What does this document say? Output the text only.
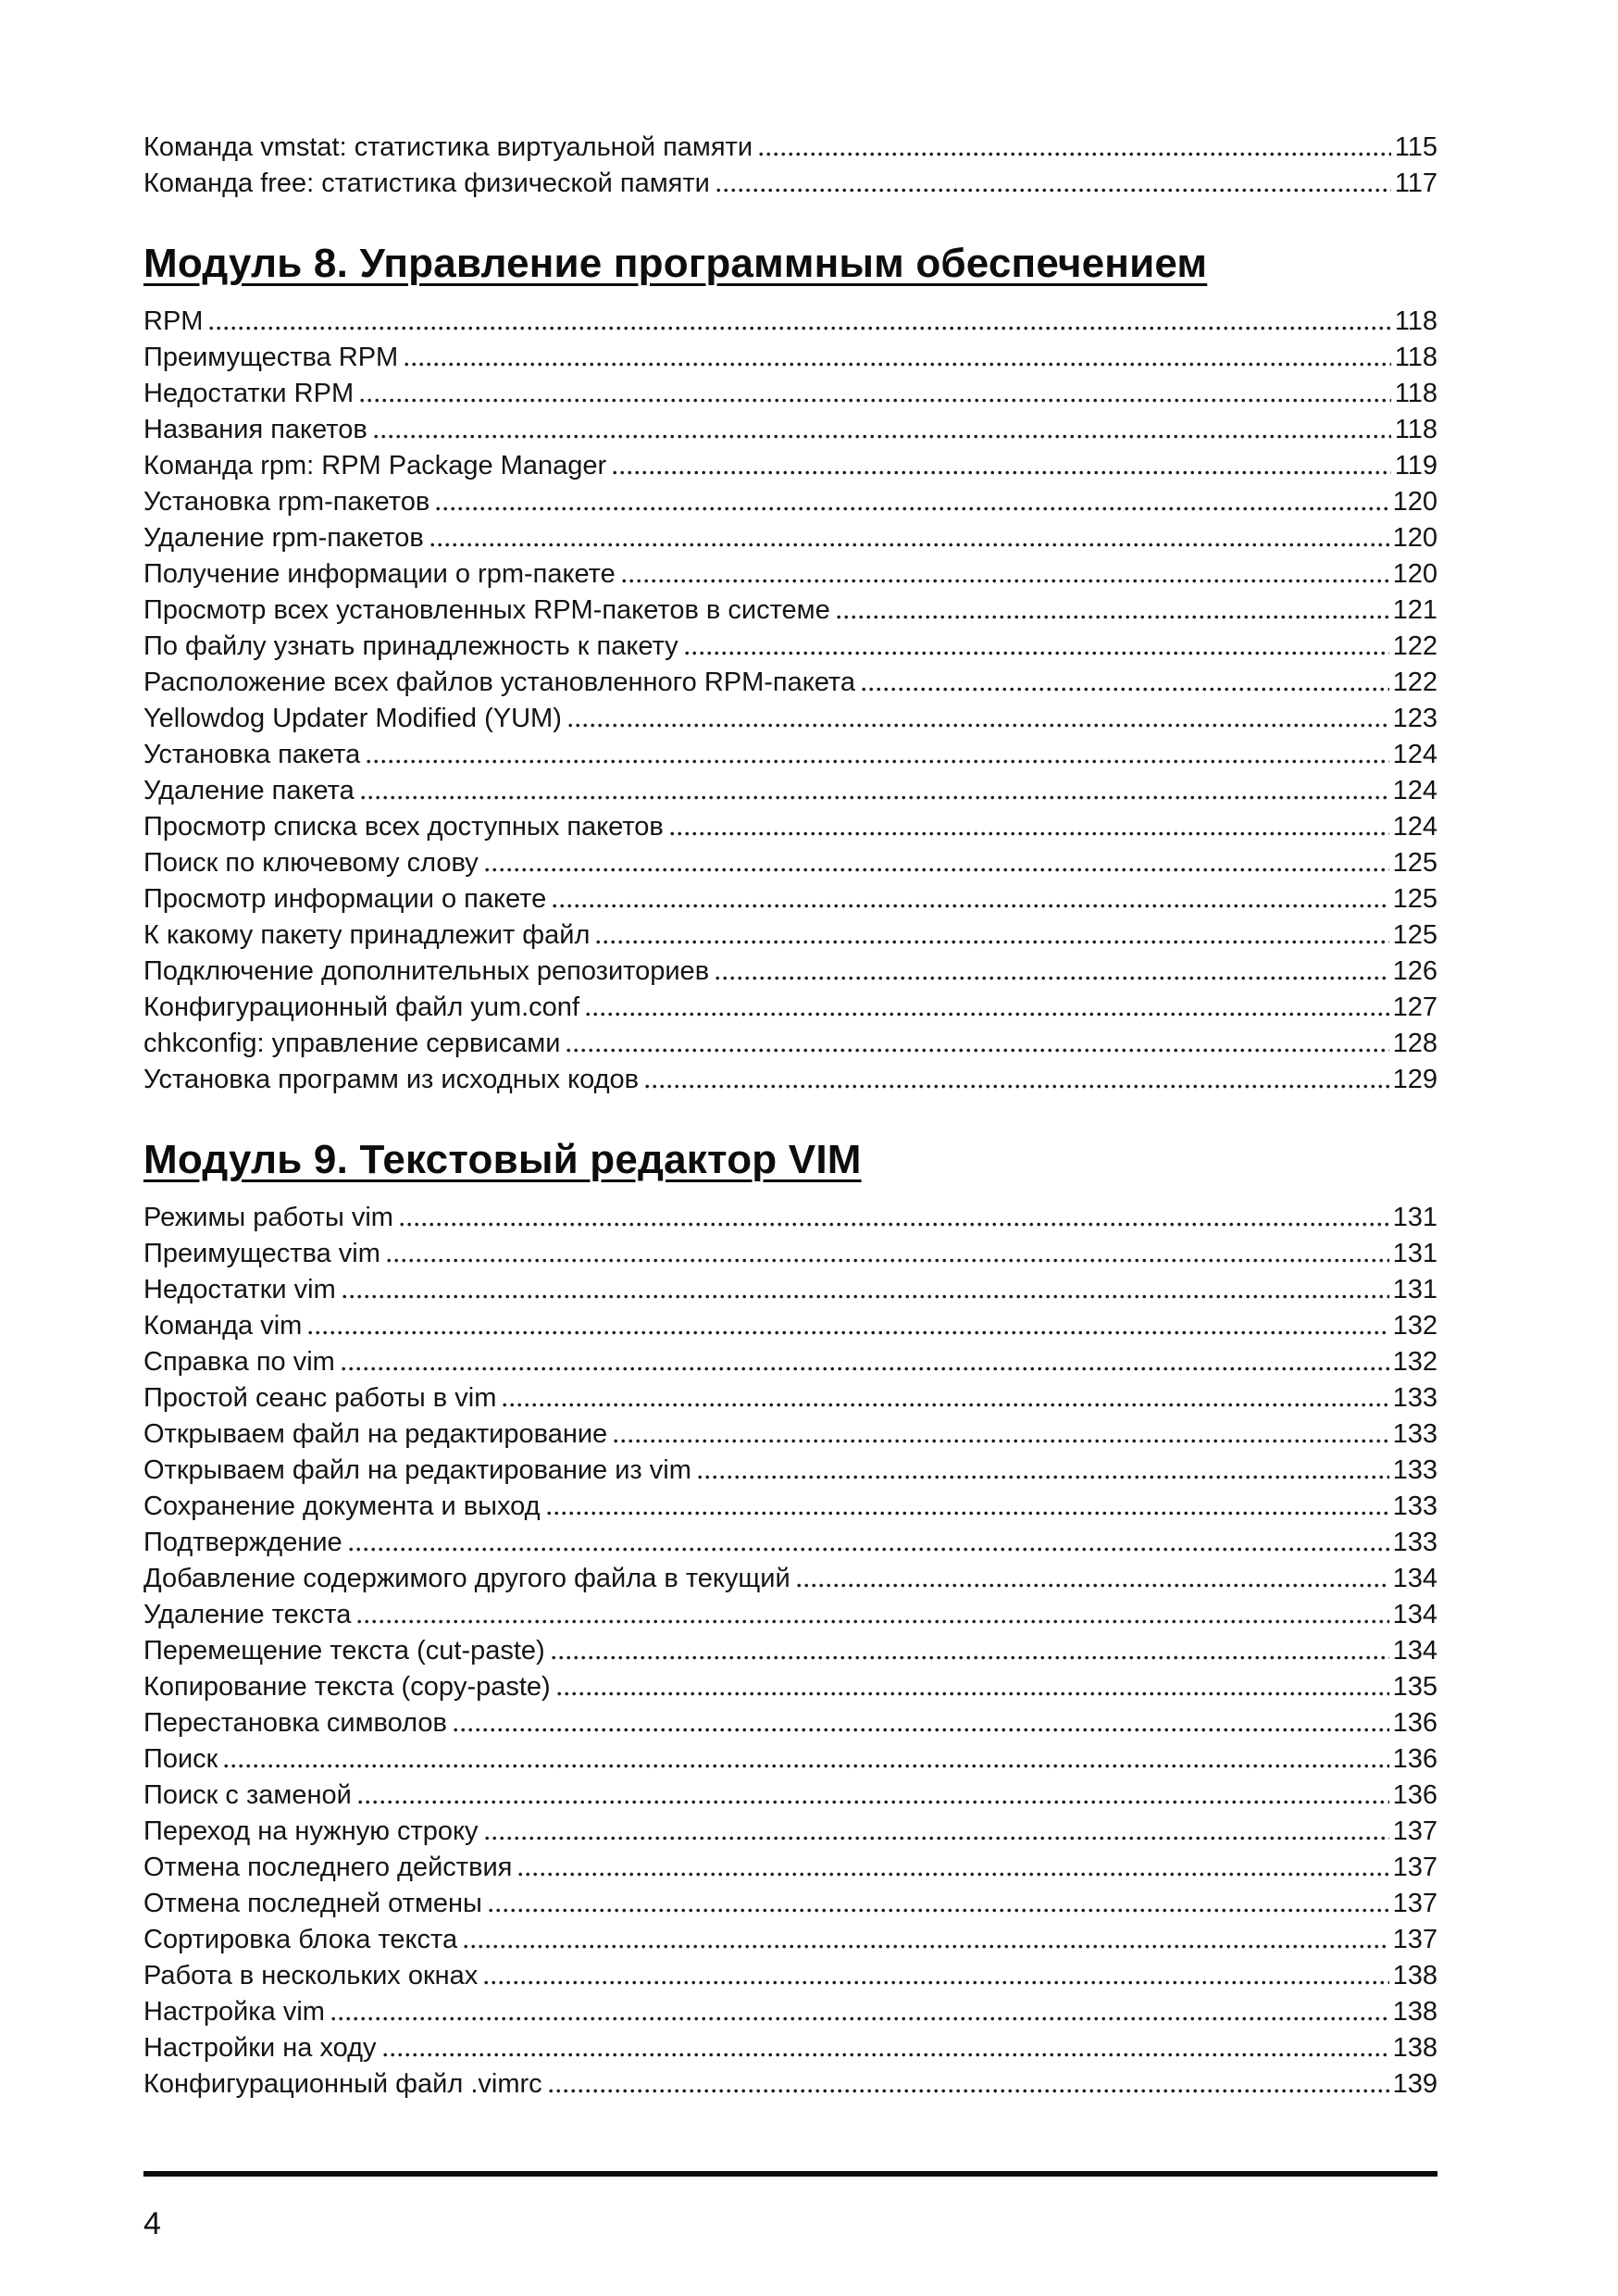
Команда vmstat: статистика виртуальной памяти	115
Команда free: статистика физической памяти	117
Модуль 8. Управление программным обеспечением
RPM	118
Преимущества RPM	118
Недостатки RPM	118
Названия пакетов	118
Команда rpm: RPM Package Manager	119
Установка rpm-пакетов	120
Удаление rpm-пакетов	120
Получение информации о rpm-пакете	120
Просмотр всех установленных RPM-пакетов в системе	121
По файлу узнать принадлежность к пакету	122
Расположение всех файлов установленного RPM-пакета	122
Yellowdog Updater Modified (YUM)	123
Установка пакета	124
Удаление пакета	124
Просмотр списка всех доступных пакетов	124
Поиск по ключевому слову	125
Просмотр информации о пакете	125
К какому пакету принадлежит файл	125
Подключение дополнительных репозиториев	126
Конфигурационный файл yum.conf	127
chkconfig: управление сервисами	128
Установка программ из исходных кодов	129
Модуль 9. Текстовый редактор VIM
Режимы работы vim	131
Преимущества vim	131
Недостатки vim	131
Команда vim	132
Справка по vim	132
Простой сеанс работы в vim	133
Открываем файл на редактирование	133
Открываем файл на редактирование из vim	133
Сохранение документа и выход	133
Подтверждение	133
Добавление содержимого другого файла в текущий	134
Удаление текста	134
Перемещение текста (cut-paste)	134
Копирование текста (copy-paste)	135
Перестановка символов	136
Поиск	136
Поиск с заменой	136
Переход на нужную строку	137
Отмена последнего действия	137
Отмена последней отмены	137
Сортировка блока текста	137
Работа в нескольких окнах	138
Настройка vim	138
Настройки на ходу	138
Конфигурационный файл .vimrc	139
4
